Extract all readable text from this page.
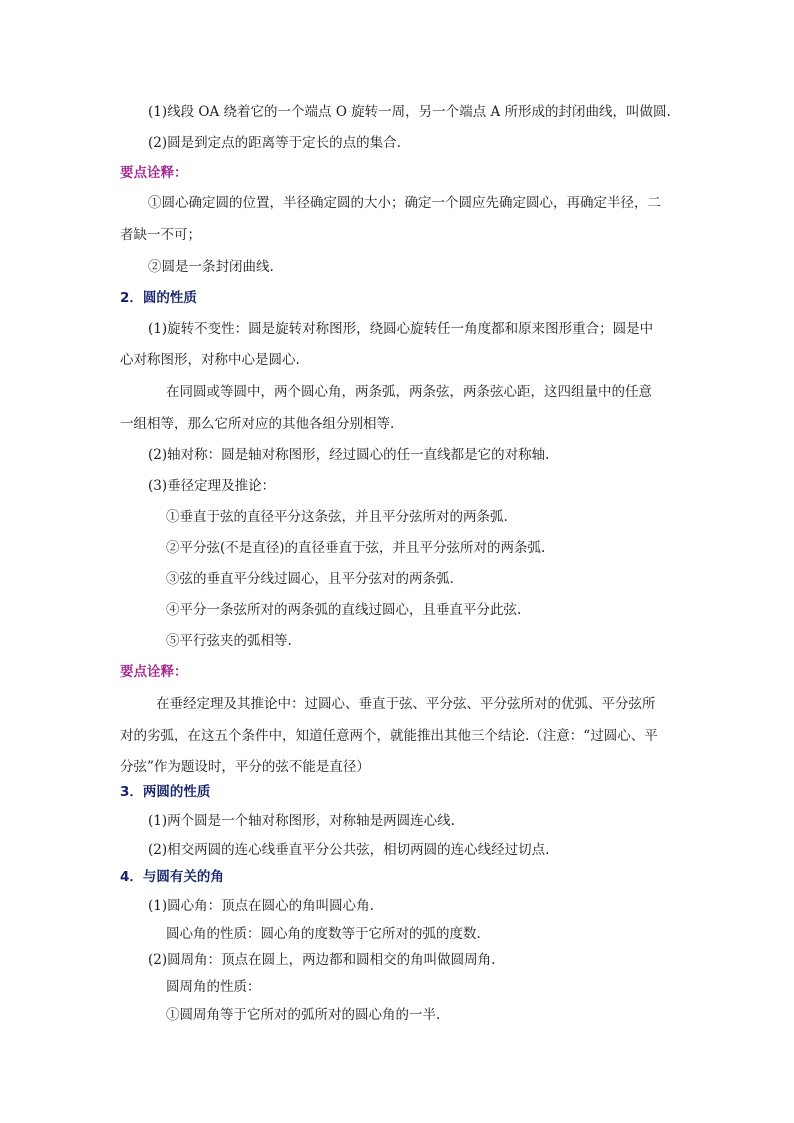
(1)线段 OA 绕着它的一个端点 O 旋转一周，另一个端点 A 所形成的封闭曲线，叫做圆.
(2)圆是到定点的距离等于定长的点的集合.
要点诠释：
①圆心确定圆的位置，半径确定圆的大小；确定一个圆应先确定圆心，再确定半径，二
者缺一不可；
②圆是一条封闭曲线.
2．圆的性质
(1)旋转不变性：圆是旋转对称图形，绕圆心旋转任一角度都和原来图形重合；圆是中
心对称图形，对称中心是圆心.
在同圆或等圆中，两个圆心角，两条弧，两条弦，两条弦心距，这四组量中的任意
一组相等，那么它所对应的其他各组分别相等.
(2)轴对称：圆是轴对称图形，经过圆心的任一直线都是它的对称轴.
(3)垂径定理及推论：
①垂直于弦的直径平分这条弦，并且平分弦所对的两条弧.
②平分弦(不是直径)的直径垂直于弦，并且平分弦所对的两条弧.
③弦的垂直平分线过圆心，且平分弦对的两条弧.
④平分一条弦所对的两条弧的直线过圆心，且垂直平分此弦.
⑤平行弦夹的弧相等.
要点诠释：
在垂经定理及其推论中：过圆心、垂直于弦、平分弦、平分弦所对的优弧、平分弦所
对的劣弧，在这五个条件中，知道任意两个，就能推出其他三个结论.（注意：“过圆心、平
分弦”作为题设时，平分的弦不能是直径）
3．两圆的性质
(1)两个圆是一个轴对称图形，对称轴是两圆连心线.
(2)相交两圆的连心线垂直平分公共弦，相切两圆的连心线经过切点.
4．与圆有关的角
(1)圆心角：顶点在圆心的角叫圆心角.
圆心角的性质：圆心角的度数等于它所对的弧的度数.
(2)圆周角：顶点在圆上，两边都和圆相交的角叫做圆周角.
圆周角的性质：
①圆周角等于它所对的弧所对的圆心角的一半.
